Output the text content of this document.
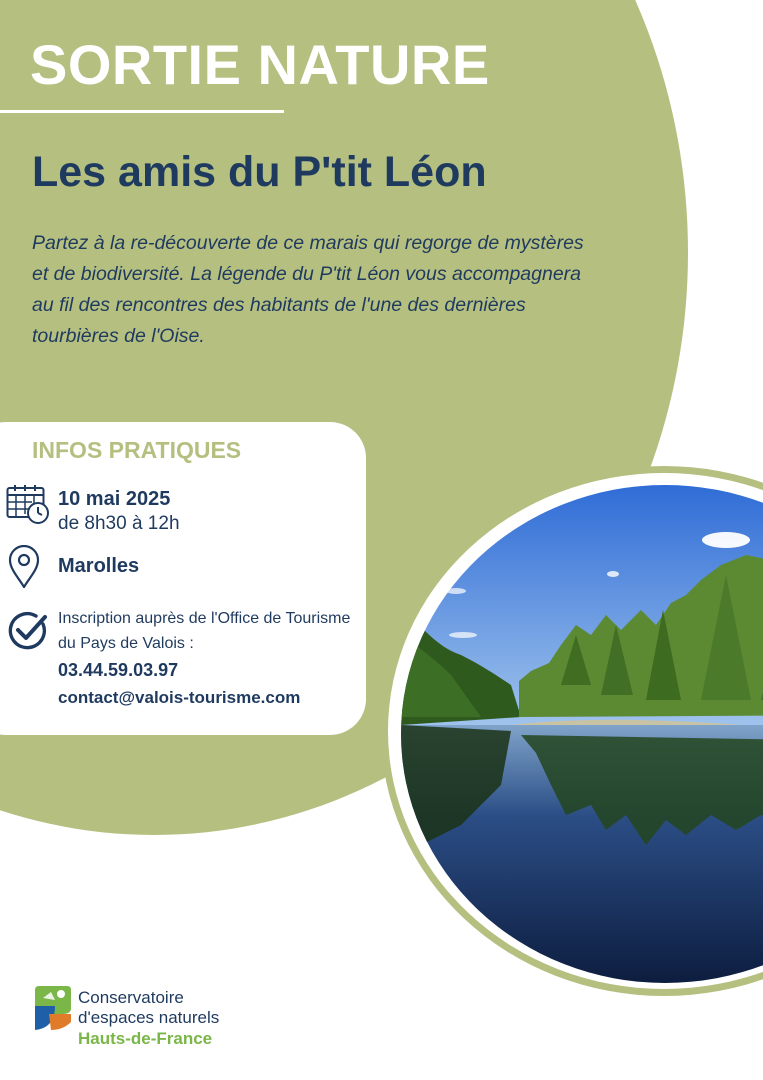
SORTIE NATURE
Les amis du P'tit Léon

Partez à la re-découverte de ce marais qui regorge de mystères et de biodiversité. La légende du P'tit Léon vous accompagnera au fil des rencontres des habitants de l'une des dernières tourbières de l'Oise.

INFOS PRATIQUES
10 mai 2025
de 8h30 à 12h
Marolles
Inscription auprès de l'Office de Tourisme
du Pays de Valois :
03.44.59.03.97
contact@valois-tourisme.com
Conservatoire
d'espaces naturels
Hauts-de-France
